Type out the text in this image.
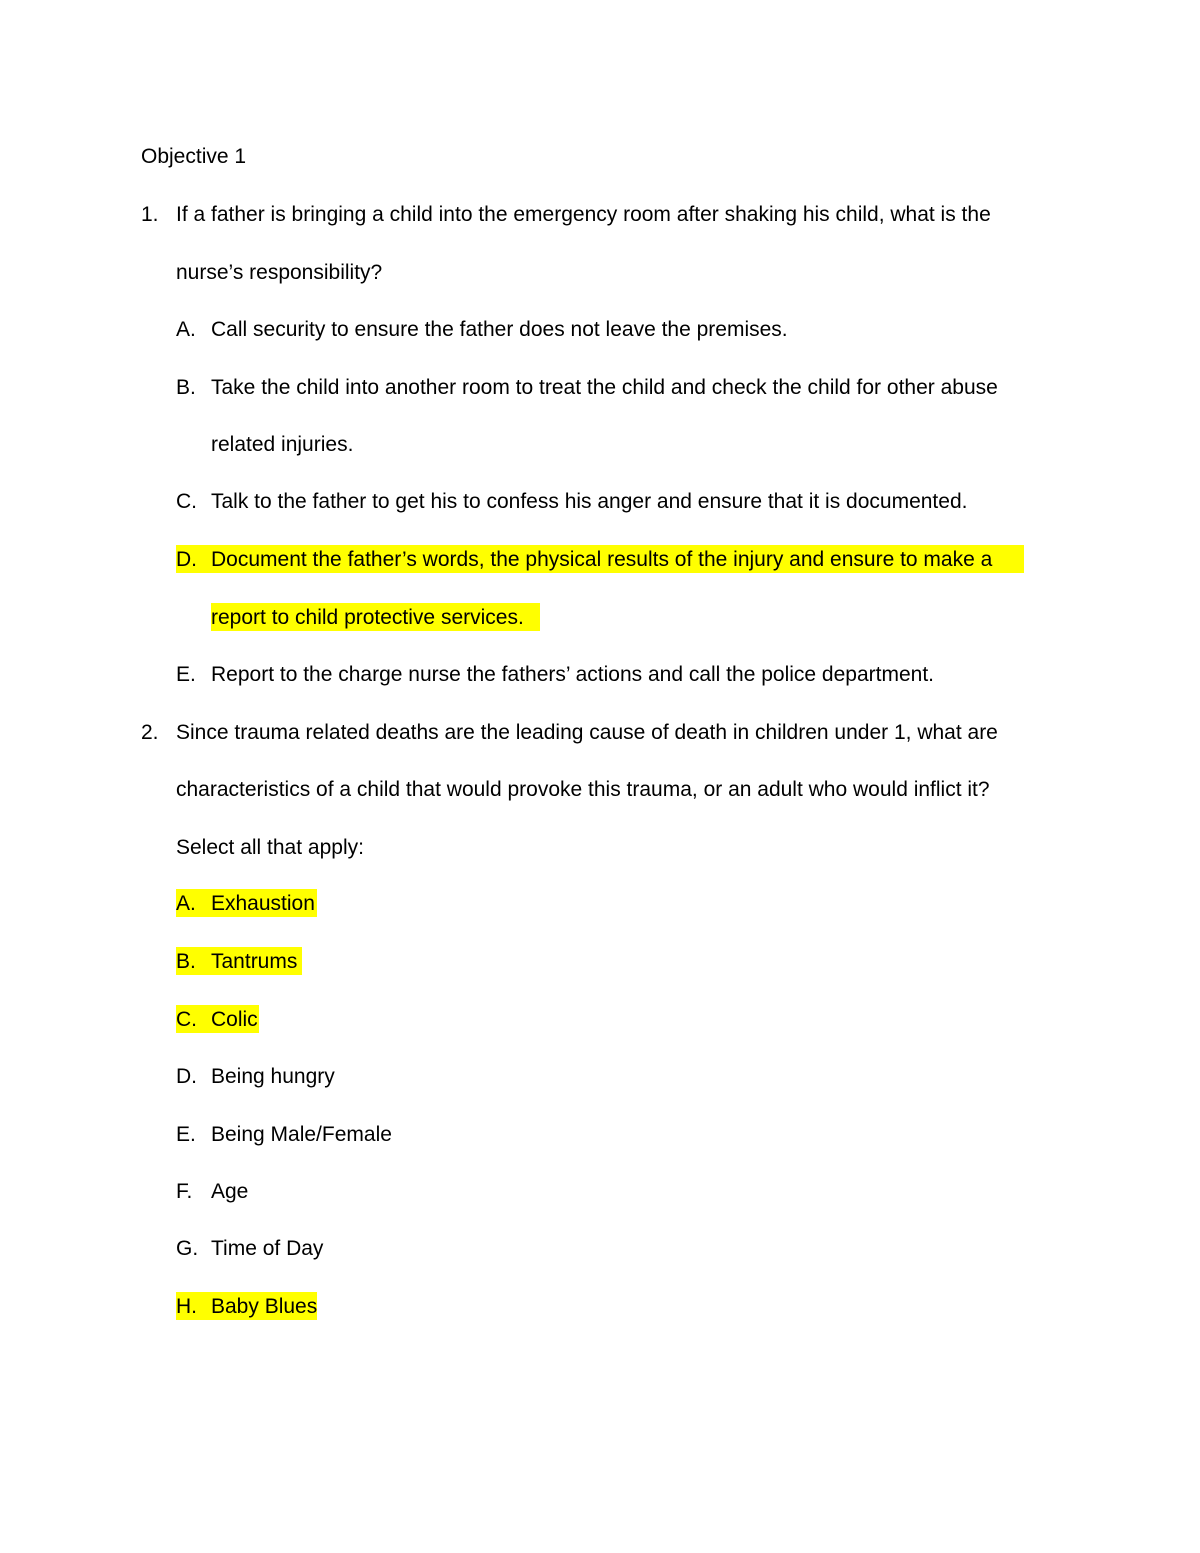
Objective 1
1. If a father is bringing a child into the emergency room after shaking his child, what is the
nurse’s responsibility?
A. Call security to ensure the father does not leave the premises.
B. Take the child into another room to treat the child and check the child for other abuse
related injuries.
C. Talk to the father to get his to confess his anger and ensure that it is documented.
D. Document the father’s words, the physical results of the injury and ensure to make a
report to child protective services.
E. Report to the charge nurse the fathers’ actions and call the police department.
2. Since trauma related deaths are the leading cause of death in children under 1, what are
characteristics of a child that would provoke this trauma, or an adult who would inflict it?
Select all that apply:
A. Exhaustion
B. Tantrums
C. Colic
D. Being hungry
E. Being Male/Female
F. Age
G. Time of Day
H. Baby Blues
